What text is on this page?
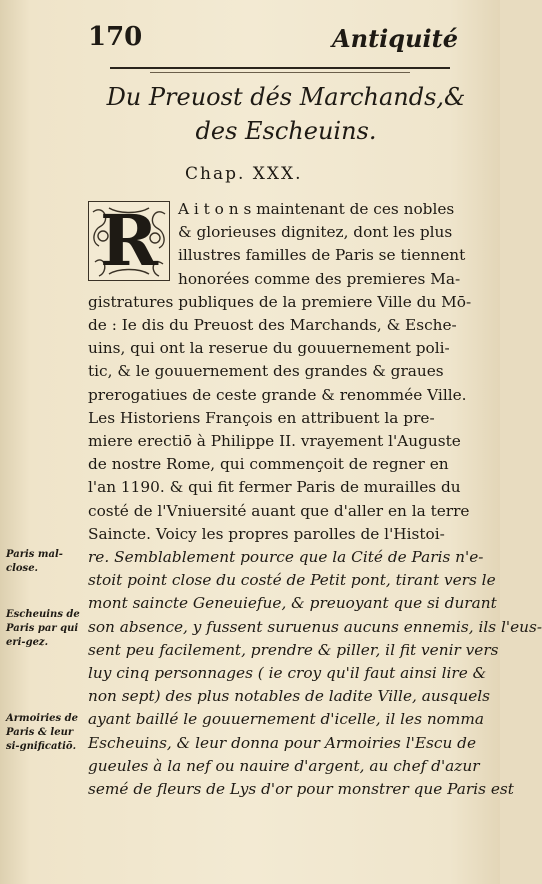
170	Antiquité
Du Preuost dés Marchands,&
des Escheuins.
Chap. XXX.
R	A i t o n s maintenant de ces nobles
& glorieuses dignitez, dont les plus
illustres familles de Paris se tiennent
honorées comme des premieres Ma-
gistratures publiques de la premiere Ville du Mō-
de : Ie dis du Preuost des Marchands, & Esche-
uins, qui ont la reserue du gouuernement poli-
tic, & le gouuernement des grandes & graues
prerogatiues de ceste grande & renommée Ville.
Les Historiens François en attribuent la pre-
miere erectiō à Philippe II. vrayement l'Auguste
de nostre Rome, qui commençoit de regner en
l'an 1190. & qui fit fermer Paris de murailles du
costé de l'Vniuersité auant que d'aller en la terre
Saincte. Voicy les propres parolles de l'Histoi-
re. Semblablement pource que la Cité de Paris n'e-
stoit point close du costé de Petit pont, tirant vers le
mont saincte Geneuiefue, & preuoyant que si durant
son absence, y fussent suruenus aucuns ennemis, ils l'eus-
sent peu facilement, prendre & piller, il fit venir vers
luy cinq personnages ( ie croy qu'il faut ainsi lire &
non sept) des plus notables de ladite Ville, ausquels
ayant baillé le gouuernement d'icelle, il les nomma
Escheuins, & leur donna pour Armoiries l'Escu de
gueules à la nef ou nauire d'argent, au chef d'azur
semé de fleurs de Lys d'or pour monstrer que Paris est
Paris mal-close.
Escheuins de Paris par qui eri-gez.
Armoiries de Paris & leur si-gnificatiō.
